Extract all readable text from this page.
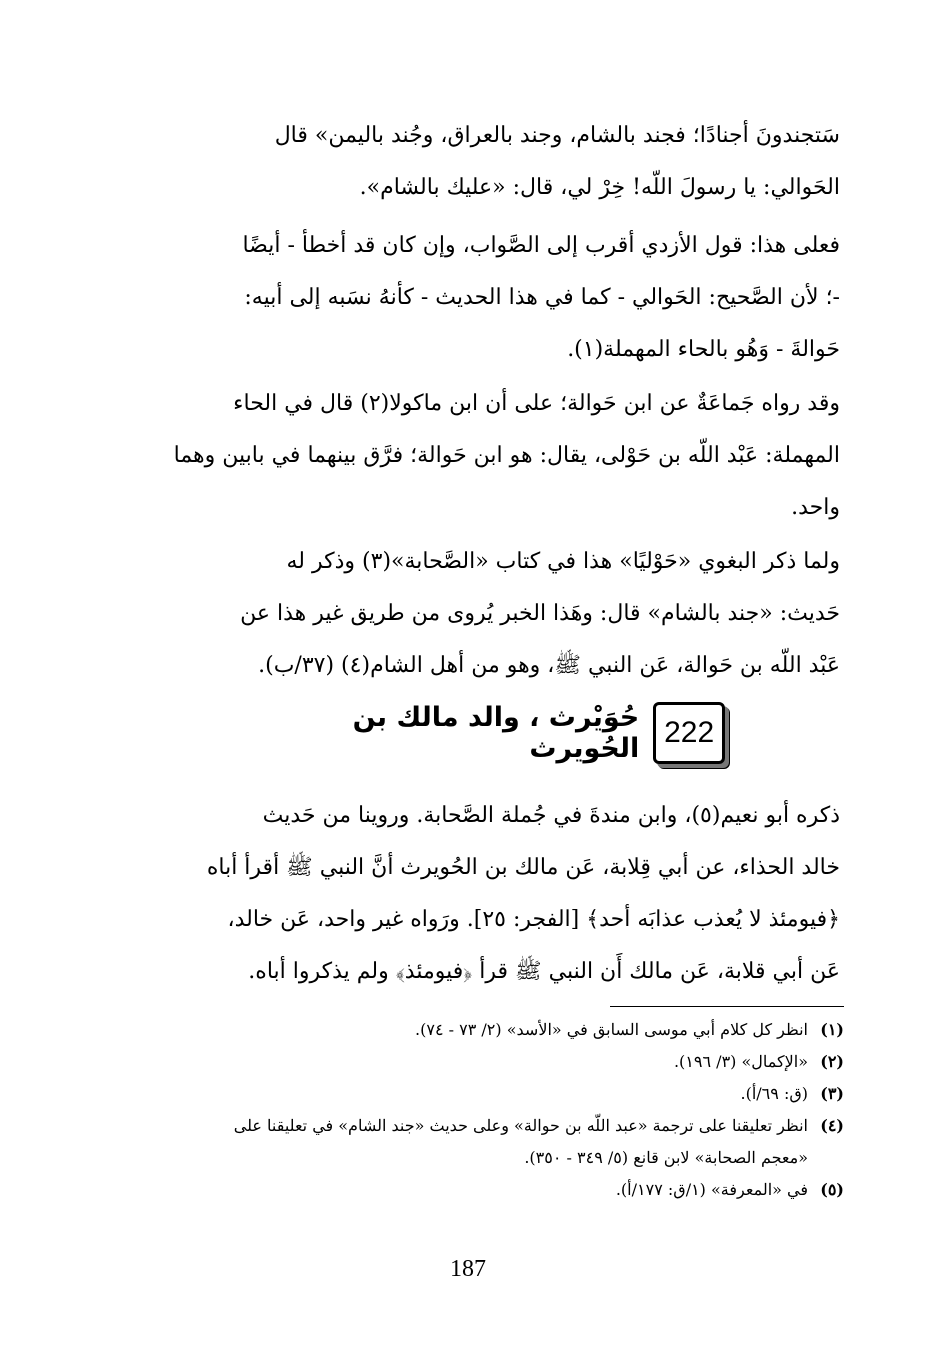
سَتجندونَ أجنادًا؛ فجند بالشام، وجند بالعراق، وجُند باليمن» قال

الحَوالي: يا رسولَ اللّه! خِرْ لي، قال: «عليك بالشام».

فعلى هذا: قول الأزدي أقرب إلى الصَّواب، وإن كان قد أخطأ - أيضًا

-؛ لأن الصَّحيح: الحَوالي - كما في هذا الحديث - كأنهُ نسَبه إلى أبيه:

حَوالةَ - وَهُو بالحاء المهملة(١).

وقد رواه جَماعَةٌ عن ابن حَوالة؛ على أن ابن ماكولا(٢) قال في الحاء

المهملة: عَبْد اللّه بن حَوْلى، يقال: هو ابن حَوالة؛ فرَّق بينهما في بابين وهما

واحد.

ولما ذكر البغوي «حَوْليًا» هذا في كتاب «الصَّحابة»(٣) وذكر له

حَديث: «جند بالشام» قال: وهَذا الخبر يُروى من طريق غير هذا عن

عَبْد اللّه بن حَوالة، عَن النبي ﷺ، وهو من أهل الشام(٤) (٣٧/ب).

222
حُوَيْرث ، والد مالك بن الحُويرث

ذكره أبو نعيم(٥)، وابن مندةَ في جُملة الصَّحابة. وروينا من حَديث

خالد الحذاء، عن أبي قِلابة، عَن مالك بن الحُويرث أنَّ النبي ﷺ أقرأ أباه

﴿فيومئذ لا يُعذب عذابَه أحد﴾ [الفجر: ٢٥]. ورَواه غير واحد، عَن خالد،

عَن أبي قلابة، عَن مالك أَن النبي ﷺ قرأ ﴿فيومئذ﴾ ولم يذكروا أباه.

(١)
انظر كل كلام أبي موسى السابق في «الأسد» (٢/ ٧٣ - ٧٤).
(٢)
«الإكمال» (٣/ ١٩٦).
(٣)
(ق: ٦٩/أ).
(٤)
انظر تعليقنا على ترجمة «عبد اللّه بن حوالة» وعلى حديث «جند الشام» في تعليقنا على
«معجم الصحابة» لابن قانع (٥/ ٣٤٩ - ٣٥٠).
(٥)
في «المعرفة» (١/ق: ١٧٧/أ).
187
